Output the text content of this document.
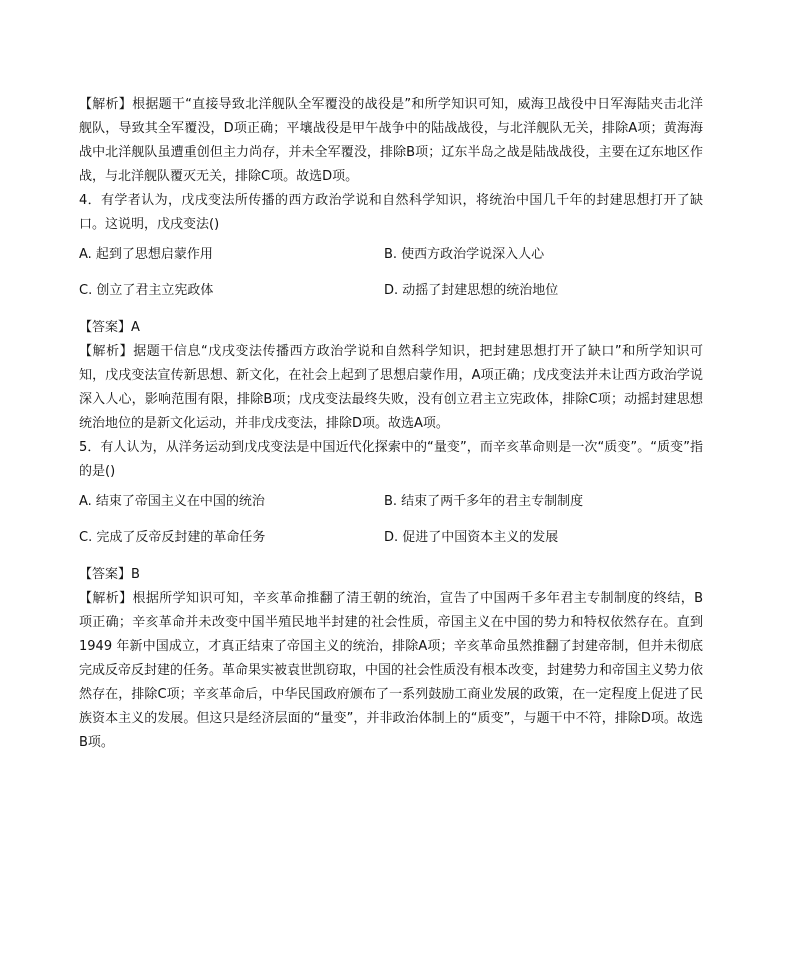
【解析】根据题干“直接导致北洋舰队全军覆没的战役是”和所学知识可知，威海卫战役中日军海陆夹击北洋舰队，导致其全军覆没，D项正确；平壤战役是甲午战争中的陆战战役，与北洋舰队无关，排除A项；黄海海战中北洋舰队虽遭重创但主力尚存，并未全军覆没，排除B项；辽东半岛之战是陆战战役，主要在辽东地区作战，与北洋舰队覆灭无关，排除C项。故选D项。

4．有学者认为，戊戌变法所传播的西方政治学说和自然科学知识，将统治中国几千年的封建思想打开了缺口。这说明，戊戌变法()

A. 起到了思想启蒙作用	B. 使西方政治学说深入人心
C. 创立了君主立宪政体	D. 动摇了封建思想的统治地位

【答案】A

【解析】据题干信息“戊戌变法传播西方政治学说和自然科学知识，把封建思想打开了缺口”和所学知识可知，戊戌变法宣传新思想、新文化，在社会上起到了思想启蒙作用，A项正确；戊戌变法并未让西方政治学说深入人心，影响范围有限，排除B项；戊戌变法最终失败，没有创立君主立宪政体，排除C项；动摇封建思想统治地位的是新文化运动，并非戊戌变法，排除D项。故选A项。

5．有人认为，从洋务运动到戊戌变法是中国近代化探索中的“量变”，而辛亥革命则是一次“质变”。“质变”指的是()

A. 结束了帝国主义在中国的统治	B. 结束了两千多年的君主专制制度
C. 完成了反帝反封建的革命任务	D. 促进了中国资本主义的发展

【答案】B

【解析】根据所学知识可知，辛亥革命推翻了清王朝的统治，宣告了中国两千多年君主专制制度的终结，B 项正确；辛亥革命并未改变中国半殖民地半封建的社会性质，帝国主义在中国的势力和特权依然存在。直到 1949 年新中国成立，才真正结束了帝国主义的统治，排除A项；辛亥革命虽然推翻了封建帝制，但并未彻底完成反帝反封建的任务。革命果实被袁世凯窃取，中国的社会性质没有根本改变，封建势力和帝国主义势力依然存在，排除C项；辛亥革命后，中华民国政府颁布了一系列鼓励工商业发展的政策，在一定程度上促进了民族资本主义的发展。但这只是经济层面的“量变”，并非政治体制上的“质变”，与题干中不符，排除D项。故选B项。
